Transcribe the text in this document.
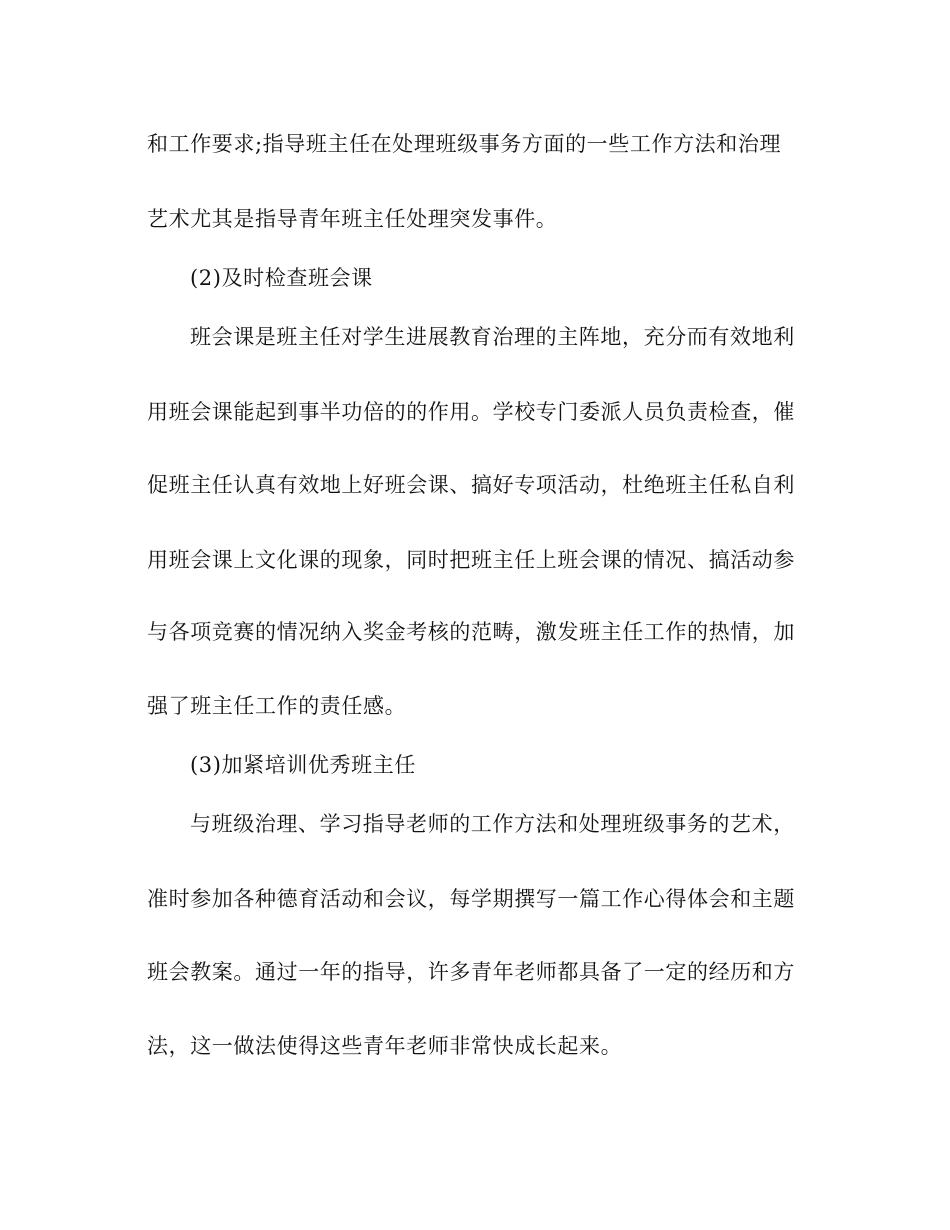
和工作要求;指导班主任在处理班级事务方面的一些工作方法和治理
艺术尤其是指导青年班主任处理突发事件。
(2)及时检查班会课
班会课是班主任对学生进展教育治理的主阵地，充分而有效地利
用班会课能起到事半功倍的的作用。学校专门委派人员负责检查，催
促班主任认真有效地上好班会课、搞好专项活动，杜绝班主任私自利
用班会课上文化课的现象，同时把班主任上班会课的情况、搞活动参
与各项竞赛的情况纳入奖金考核的范畴，激发班主任工作的热情，加
强了班主任工作的责任感。
(3)加紧培训优秀班主任
与班级治理、学习指导老师的工作方法和处理班级事务的艺术，
准时参加各种德育活动和会议，每学期撰写一篇工作心得体会和主题
班会教案。通过一年的指导，许多青年老师都具备了一定的经历和方
法，这一做法使得这些青年老师非常快成长起来。
